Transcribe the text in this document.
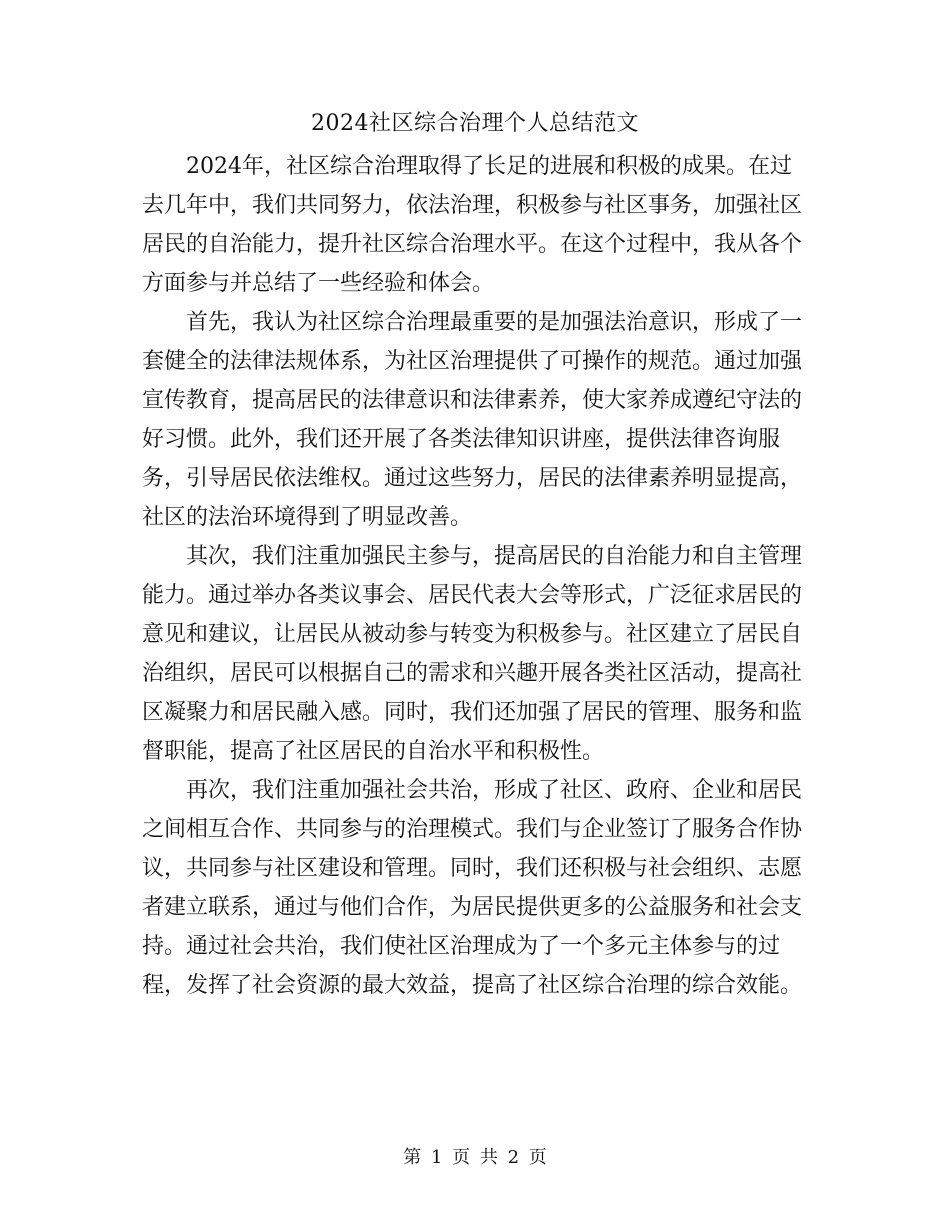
2024社区综合治理个人总结范文

2024年，社区综合治理取得了长足的进展和积极的成果。在过去几年中，我们共同努力，依法治理，积极参与社区事务，加强社区居民的自治能力，提升社区综合治理水平。在这个过程中，我从各个方面参与并总结了一些经验和体会。

首先，我认为社区综合治理最重要的是加强法治意识，形成了一套健全的法律法规体系，为社区治理提供了可操作的规范。通过加强宣传教育，提高居民的法律意识和法律素养，使大家养成遵纪守法的好习惯。此外，我们还开展了各类法律知识讲座，提供法律咨询服务，引导居民依法维权。通过这些努力，居民的法律素养明显提高，社区的法治环境得到了明显改善。

其次，我们注重加强民主参与，提高居民的自治能力和自主管理能力。通过举办各类议事会、居民代表大会等形式，广泛征求居民的意见和建议，让居民从被动参与转变为积极参与。社区建立了居民自治组织，居民可以根据自己的需求和兴趣开展各类社区活动，提高社区凝聚力和居民融入感。同时，我们还加强了居民的管理、服务和监督职能，提高了社区居民的自治水平和积极性。

再次，我们注重加强社会共治，形成了社区、政府、企业和居民之间相互合作、共同参与的治理模式。我们与企业签订了服务合作协议，共同参与社区建设和管理。同时，我们还积极与社会组织、志愿者建立联系，通过与他们合作，为居民提供更多的公益服务和社会支持。通过社会共治，我们使社区治理成为了一个多元主体参与的过程，发挥了社会资源的最大效益，提高了社区综合治理的综合效能。

第 1 页 共 2 页
